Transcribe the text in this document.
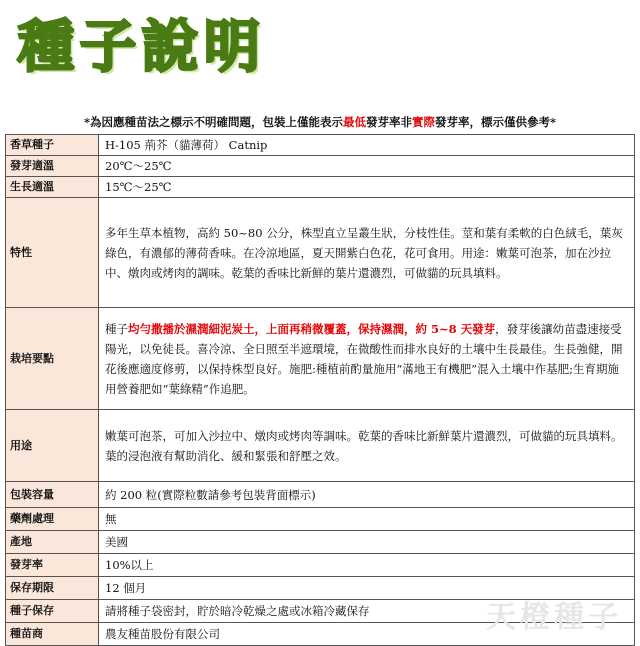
種子說明
*為因應種苗法之標示不明確問題，包裝上僅能表示最低發芽率非實際發芽率，標示僅供參考*
香草種子	H-105 荊芥（貓薄荷） Catnip
發芽適溫	20℃～25℃
生長適溫	15℃～25℃
特性	多年生草本植物，高約 50~80 公分，株型直立呈叢生狀，分枝性佳。莖和葉有柔軟的白色絨毛，葉灰綠色，有濃郁的薄荷香味。在冷涼地區，夏天開紫白色花，花可食用。用途：嫩葉可泡茶，加在沙拉中、燉肉或烤肉的調味。乾葉的香味比新鮮的葉片還濃烈，可做貓的玩具填料。
栽培要點	種子均勻撒播於濕潤細泥炭土，上面再稍微覆蓋，保持濕潤，約 5~8 天發芽，發芽後讓幼苗盡速接受陽光，以免徒長。喜冷涼、全日照至半遮環境，在微酸性而排水良好的土壤中生長最佳。生長強健，開花後應適度修剪，以保持株型良好。施肥:種植前酌量施用“滿地王有機肥”混入土壤中作基肥;生育期施用營養肥如“葉綠精”作追肥。
用途	嫩葉可泡茶，可加入沙拉中、燉肉或烤肉等調味。乾葉的香味比新鮮葉片還濃烈，可做貓的玩具填料。葉的浸泡液有幫助消化、緩和緊張和舒壓之效。
包裝容量	約 200 粒(實際粒數請參考包裝背面標示)
藥劑處理	無
產地	美國
發芽率	10%以上
保存期限	12 個月
種子保存	請將種子袋密封，貯於暗冷乾燥之處或冰箱冷藏保存
種苗商	農友種苗股份有限公司	天橙種子
